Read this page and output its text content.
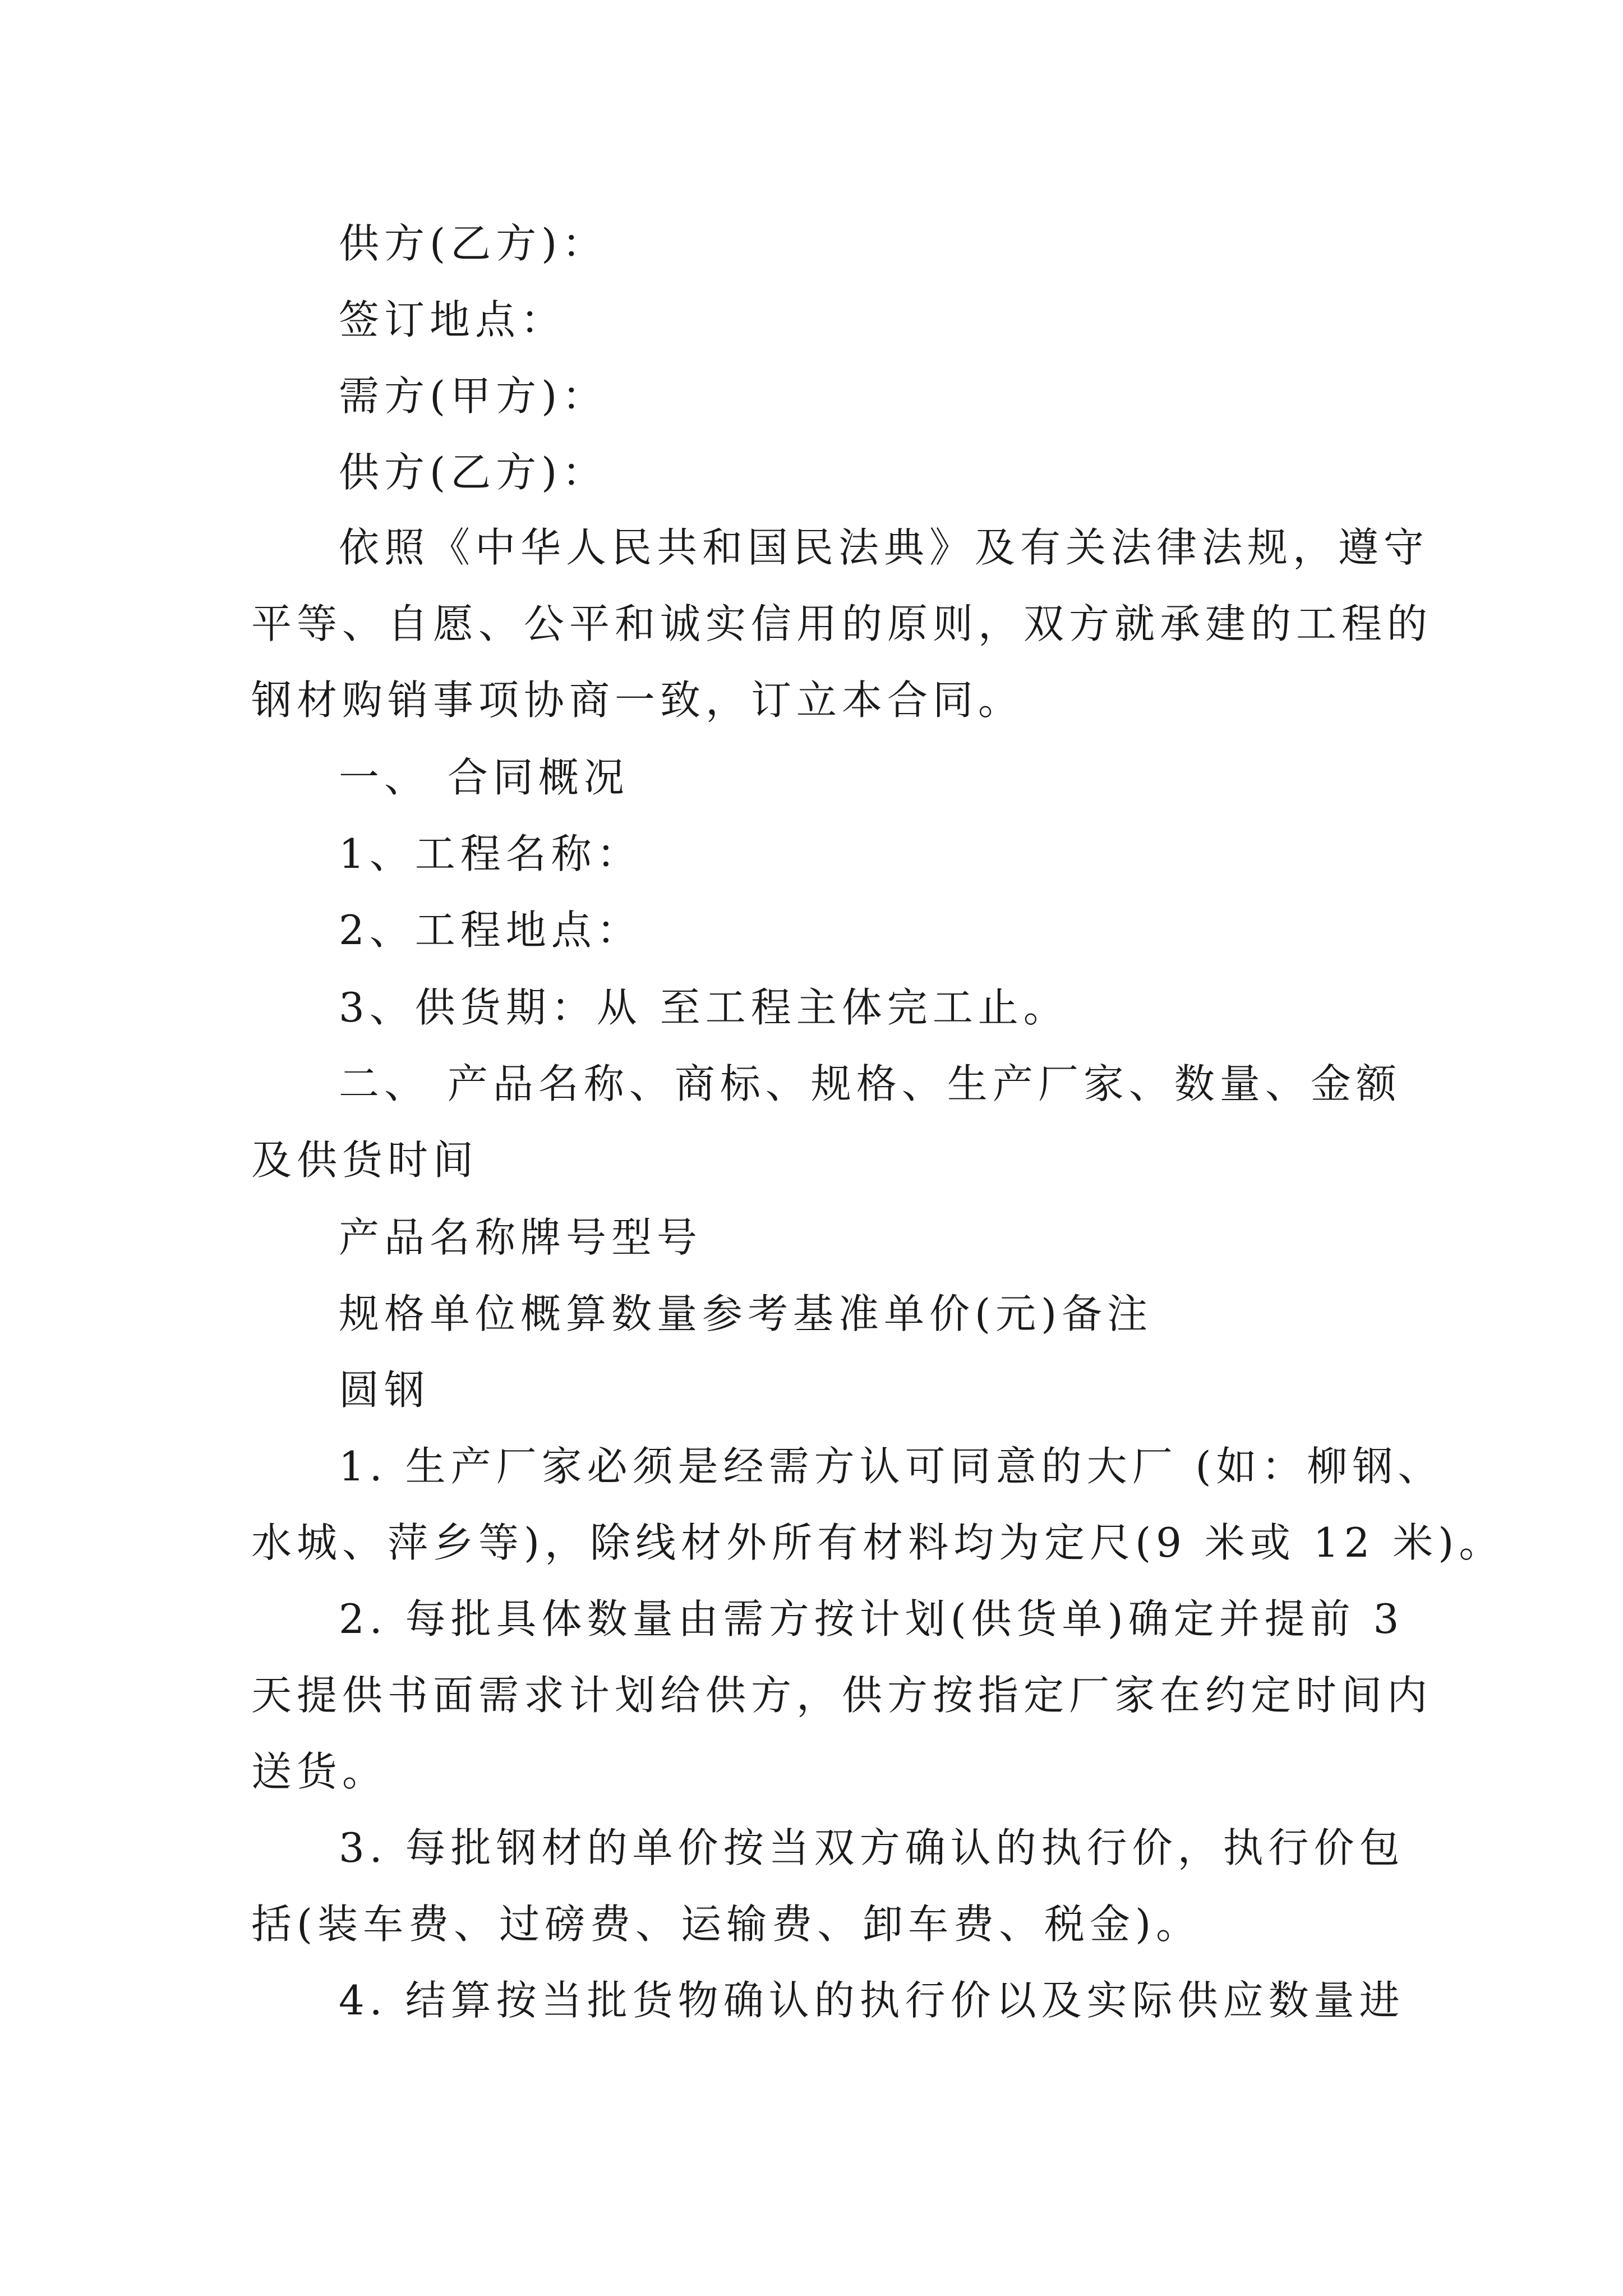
供方(乙方)：
签订地点：
需方(甲方)：
供方(乙方)：
依照《中华人民共和国民法典》及有关法律法规，遵守
平等、自愿、公平和诚实信用的原则，双方就承建的工程的
钢材购销事项协商一致，订立本合同。
一、 合同概况
1、工程名称：
2、工程地点：
3、供货期：从 至工程主体完工止。
二、 产品名称、商标、规格、生产厂家、数量、金额
及供货时间
产品名称牌号型号
规格单位概算数量参考基准单价(元)备注
圆钢
1. 生产厂家必须是经需方认可同意的大厂 (如：柳钢、
水城、萍乡等)，除线材外所有材料均为定尺(9 米或 12 米)。
2. 每批具体数量由需方按计划(供货单)确定并提前 3
天提供书面需求计划给供方，供方按指定厂家在约定时间内
送货。
3. 每批钢材的单价按当双方确认的执行价，执行价包
括(装车费、过磅费、运输费、卸车费、税金)。
4. 结算按当批货物确认的执行价以及实际供应数量进
